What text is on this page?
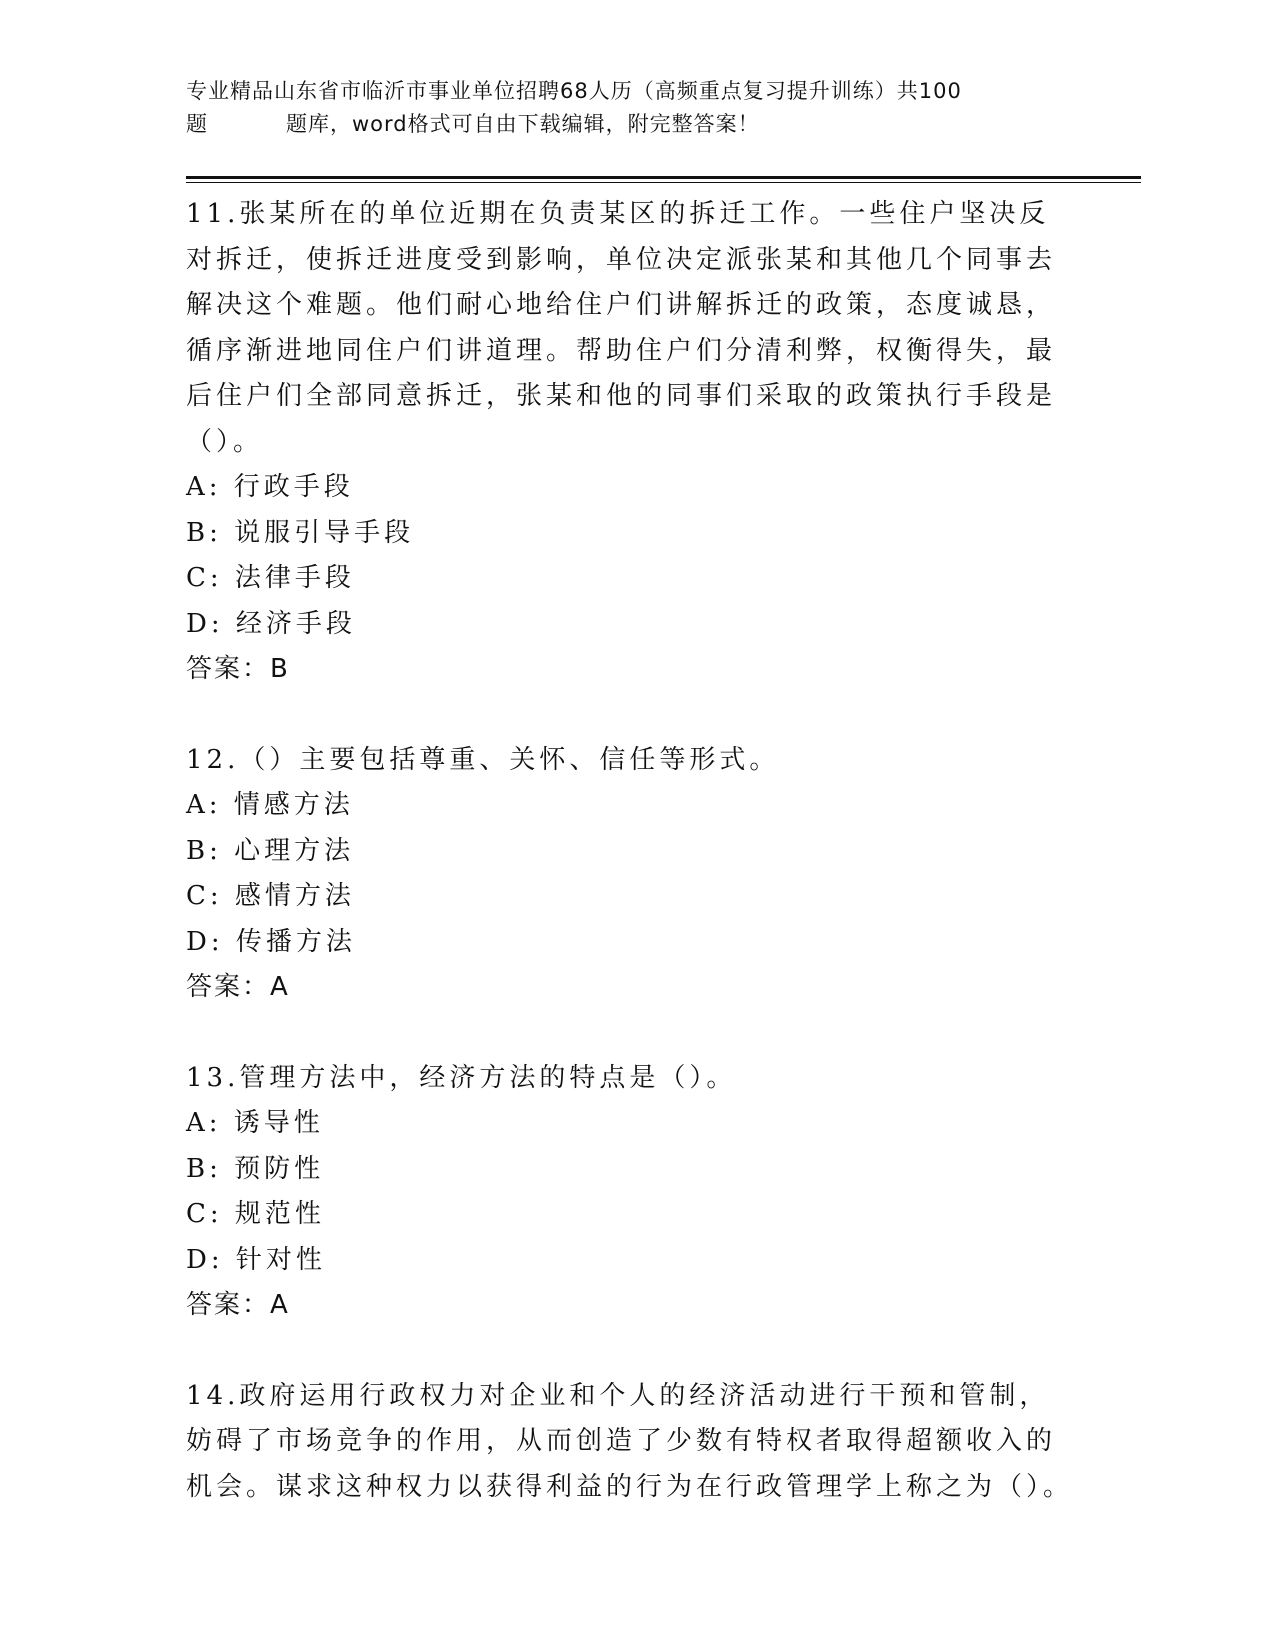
专业精品山东省市临沂市事业单位招聘68人历（高频重点复习提升训练）共100
题	题库，word格式可自由下载编辑，附完整答案！

11.张某所在的单位近期在负责某区的拆迁工作。一些住户坚决反对拆迁，使拆迁进度受到影响，单位决定派张某和其他几个同事去解决这个难题。他们耐心地给住户们讲解拆迁的政策，态度诚恳，循序渐进地同住户们讲道理。帮助住户们分清利弊，权衡得失，最后住户们全部同意拆迁，张某和他的同事们采取的政策执行手段是（）。

A: 行政手段

B: 说服引导手段

C: 法律手段

D: 经济手段

答案：B

12.（）主要包括尊重、关怀、信任等形式。

A: 情感方法

B: 心理方法

C: 感情方法

D: 传播方法

答案：A

13.管理方法中，经济方法的特点是（）。

A: 诱导性

B: 预防性

C: 规范性

D: 针对性

答案：A

14.政府运用行政权力对企业和个人的经济活动进行干预和管制，妨碍了市场竞争的作用，从而创造了少数有特权者取得超额收入的机会。谋求这种权力以获得利益的行为在行政管理学上称之为（）。
